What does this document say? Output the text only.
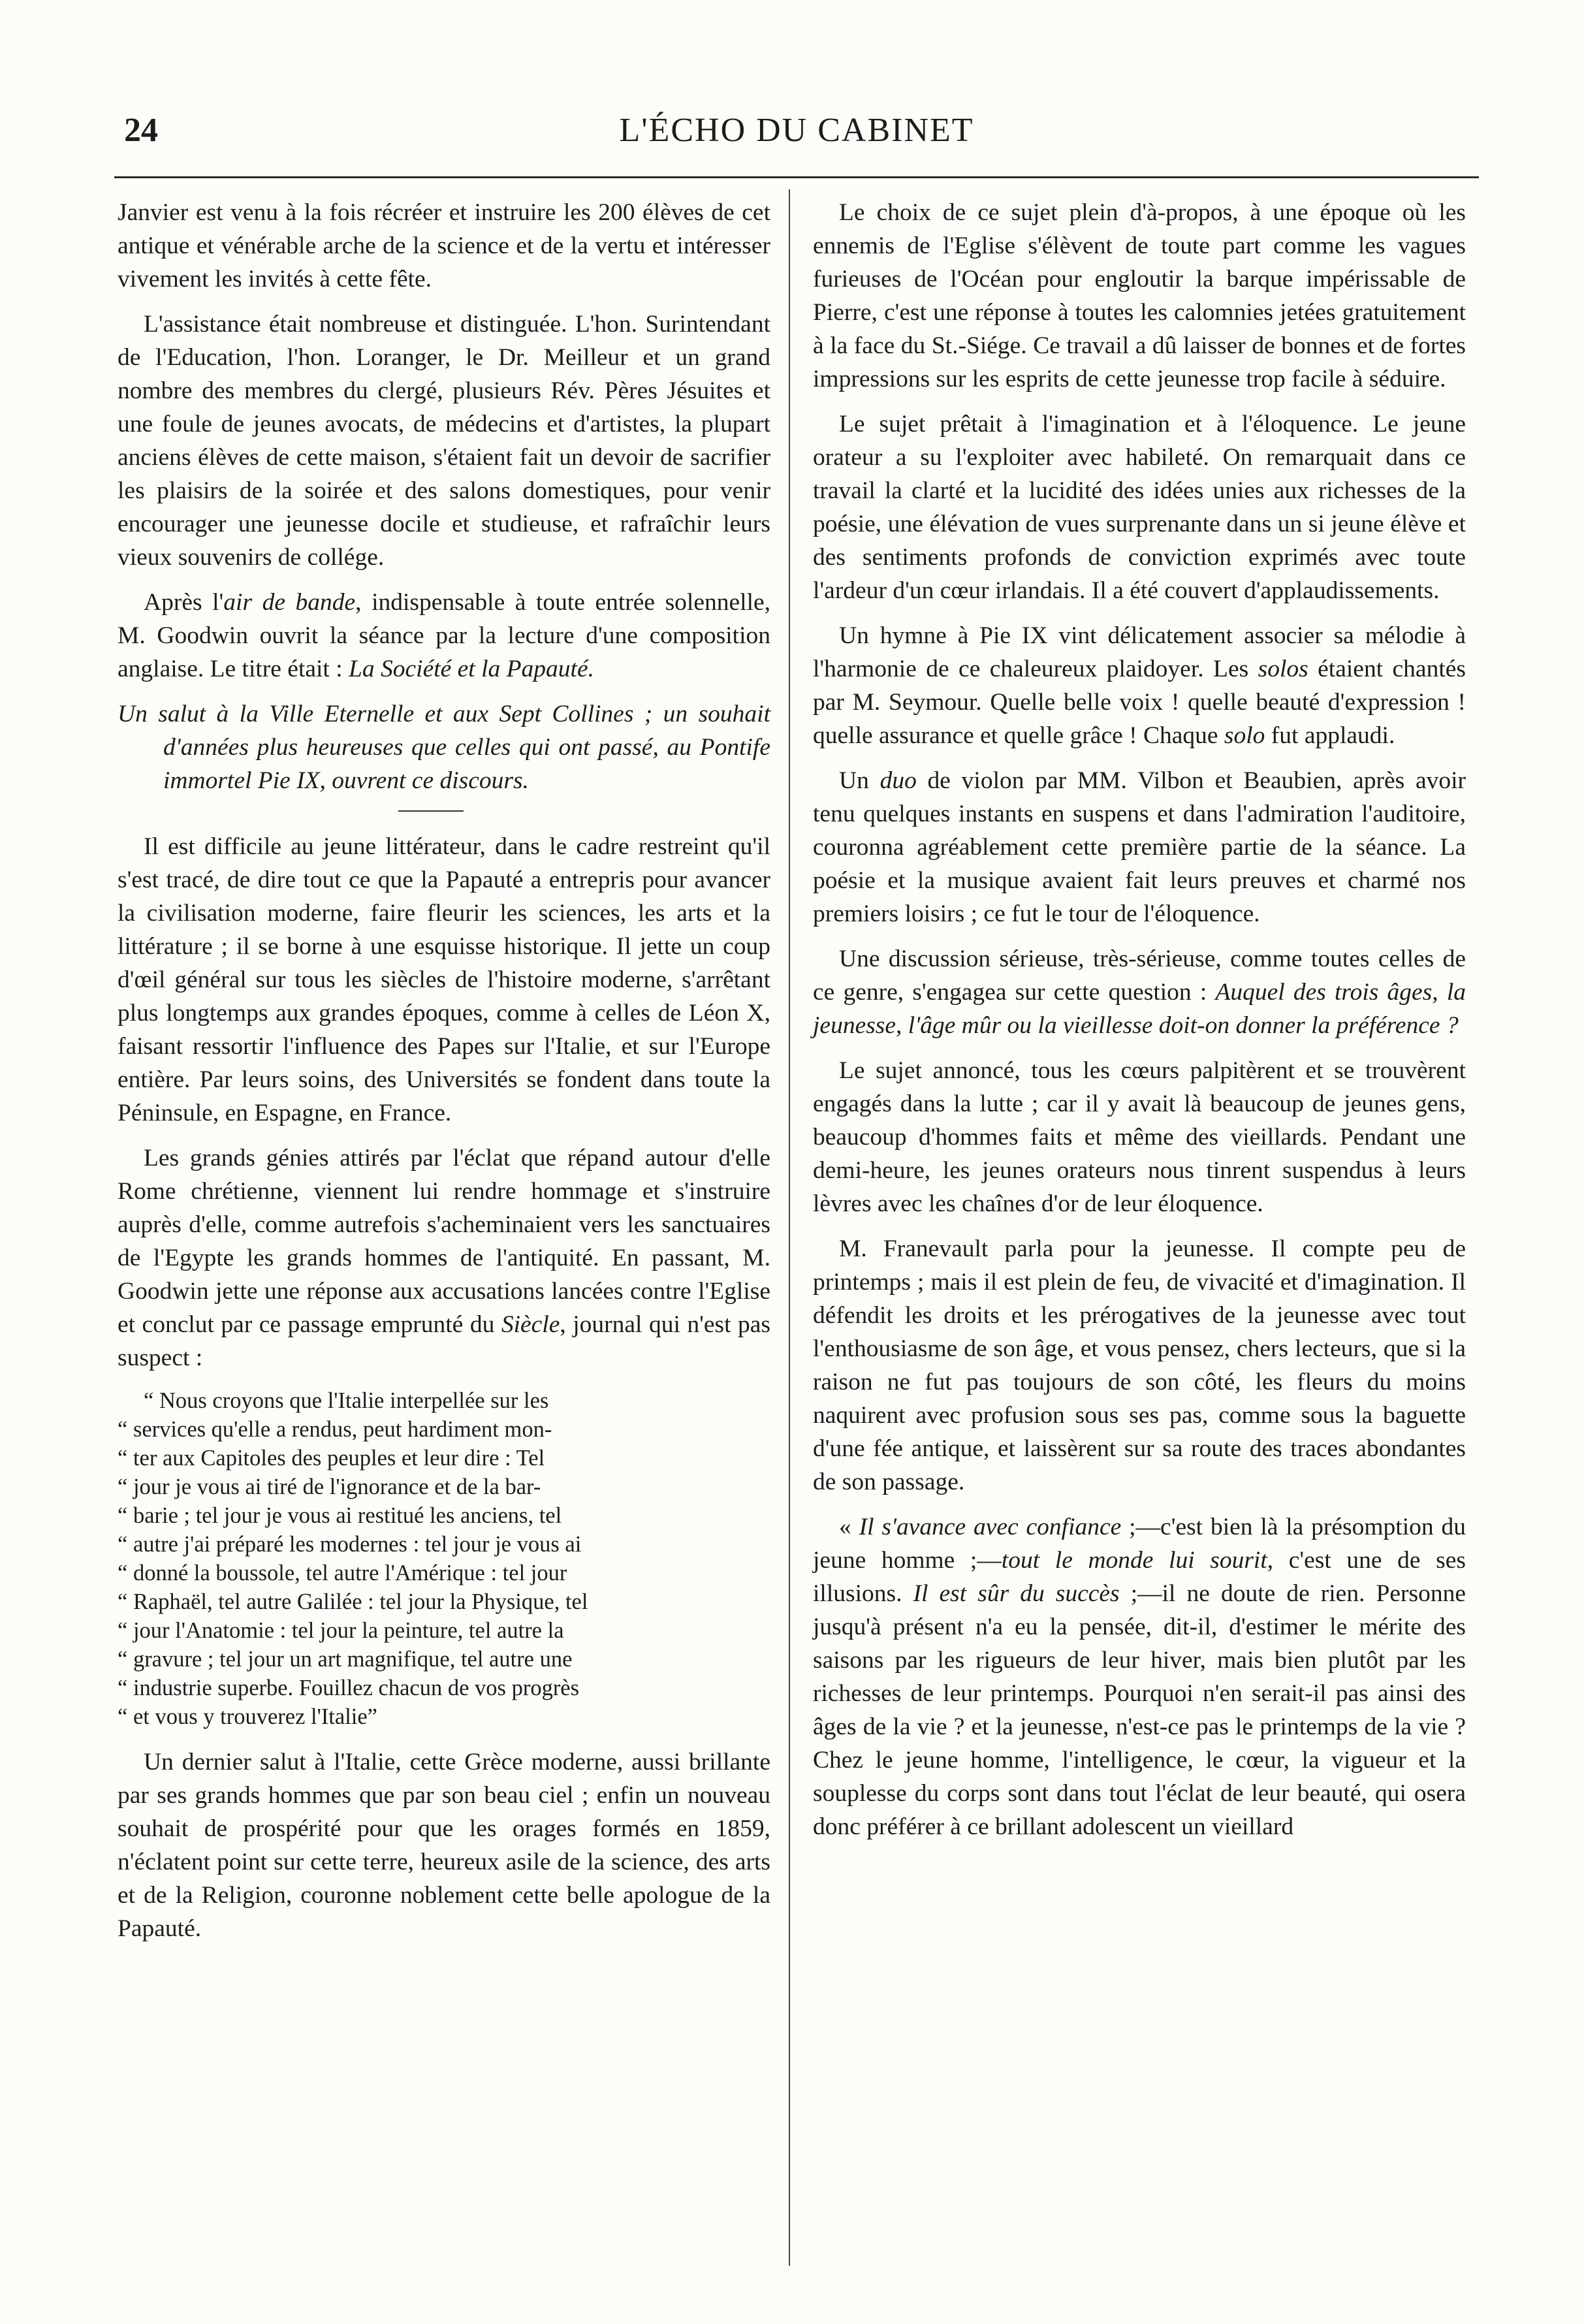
24	L'ÉCHO DU CABINET

Janvier est venu à la fois récréer et instruire les 200 élèves de cet antique et vénérable arche de la science et de la vertu et intéresser vivement les invités à cette fête.

L'assistance était nombreuse et distinguée. L'hon. Surintendant de l'Education, l'hon. Loranger, le Dr. Meilleur et un grand nombre des membres du clergé, plusieurs Rév. Pères Jésuites et une foule de jeunes avocats, de médecins et d'artistes, la plupart anciens élèves de cette maison, s'étaient fait un devoir de sacrifier les plaisirs de la soirée et des salons domestiques, pour venir encourager une jeunesse docile et studieuse, et rafraîchir leurs vieux souvenirs de collége.

Après l'air de bande, indispensable à toute entrée solennelle, M. Goodwin ouvrit la séance par la lecture d'une composition anglaise. Le titre était : La Société et la Papauté.

Un salut à la Ville Eternelle et aux Sept Collines ; un souhait d'années plus heureuses que celles qui ont passé, au Pontife immortel Pie IX, ouvrent ce discours.

Il est difficile au jeune littérateur, dans le cadre restreint qu'il s'est tracé, de dire tout ce que la Papauté a entrepris pour avancer la civilisation moderne, faire fleurir les sciences, les arts et la littérature ; il se borne à une esquisse historique. Il jette un coup d'œil général sur tous les siècles de l'histoire moderne, s'arrêtant plus longtemps aux grandes époques, comme à celles de Léon X, faisant ressortir l'influence des Papes sur l'Italie, et sur l'Europe entière. Par leurs soins, des Universités se fondent dans toute la Péninsule, en Espagne, en France.

Les grands génies attirés par l'éclat que répand autour d'elle Rome chrétienne, viennent lui rendre hommage et s'instruire auprès d'elle, comme autrefois s'acheminaient vers les sanctuaires de l'Egypte les grands hommes de l'antiquité. En passant, M. Goodwin jette une réponse aux accusations lancées contre l'Eglise et conclut par ce passage emprunté du Siècle, journal qui n'est pas suspect :

“ Nous croyons que l'Italie interpellée sur les
“ services qu'elle a rendus, peut hardiment mon-
“ ter aux Capitoles des peuples et leur dire : Tel
“ jour je vous ai tiré de l'ignorance et de la bar-
“ barie ; tel jour je vous ai restitué les anciens, tel
“ autre j'ai préparé les modernes : tel jour je vous ai
“ donné la boussole, tel autre l'Amérique : tel jour
“ Raphaël, tel autre Galilée : tel jour la Physique, tel
“ jour l'Anatomie : tel jour la peinture, tel autre la
“ gravure ; tel jour un art magnifique, tel autre une
“ industrie superbe. Fouillez chacun de vos progrès
“ et vous y trouverez l'Italie”

Un dernier salut à l'Italie, cette Grèce moderne, aussi brillante par ses grands hommes que par son beau ciel ; enfin un nouveau souhait de prospérité pour que les orages formés en 1859, n'éclatent point sur cette terre, heureux asile de la science, des arts et de la Religion, couronne noblement cette belle apologue de la Papauté.

Le choix de ce sujet plein d'à-propos, à une époque où les ennemis de l'Eglise s'élèvent de toute part comme les vagues furieuses de l'Océan pour engloutir la barque impérissable de Pierre, c'est une réponse à toutes les calomnies jetées gratuitement à la face du St.-Siége. Ce travail a dû laisser de bonnes et de fortes impressions sur les esprits de cette jeunesse trop facile à séduire.

Le sujet prêtait à l'imagination et à l'éloquence. Le jeune orateur a su l'exploiter avec habileté. On remarquait dans ce travail la clarté et la lucidité des idées unies aux richesses de la poésie, une élévation de vues surprenante dans un si jeune élève et des sentiments profonds de conviction exprimés avec toute l'ardeur d'un cœur irlandais. Il a été couvert d'applaudissements.

Un hymne à Pie IX vint délicatement associer sa mélodie à l'harmonie de ce chaleureux plaidoyer. Les solos étaient chantés par M. Seymour. Quelle belle voix ! quelle beauté d'expression ! quelle assurance et quelle grâce ! Chaque solo fut applaudi.

Un duo de violon par MM. Vilbon et Beaubien, après avoir tenu quelques instants en suspens et dans l'admiration l'auditoire, couronna agréablement cette première partie de la séance. La poésie et la musique avaient fait leurs preuves et charmé nos premiers loisirs ; ce fut le tour de l'éloquence.

Une discussion sérieuse, très-sérieuse, comme toutes celles de ce genre, s'engagea sur cette question : Auquel des trois âges, la jeunesse, l'âge mûr ou la vieillesse doit-on donner la préférence ?

Le sujet annoncé, tous les cœurs palpitèrent et se trouvèrent engagés dans la lutte ; car il y avait là beaucoup de jeunes gens, beaucoup d'hommes faits et même des vieillards. Pendant une demi-heure, les jeunes orateurs nous tinrent suspendus à leurs lèvres avec les chaînes d'or de leur éloquence.

M. Franevault parla pour la jeunesse. Il compte peu de printemps ; mais il est plein de feu, de vivacité et d'imagination. Il défendit les droits et les prérogatives de la jeunesse avec tout l'enthousiasme de son âge, et vous pensez, chers lecteurs, que si la raison ne fut pas toujours de son côté, les fleurs du moins naquirent avec profusion sous ses pas, comme sous la baguette d'une fée antique, et laissèrent sur sa route des traces abondantes de son passage.

« Il s'avance avec confiance ;—c'est bien là la présomption du jeune homme ;—tout le monde lui sourit, c'est une de ses illusions. Il est sûr du succès ;—il ne doute de rien. Personne jusqu'à présent n'a eu la pensée, dit-il, d'estimer le mérite des saisons par les rigueurs de leur hiver, mais bien plutôt par les richesses de leur printemps. Pourquoi n'en serait-il pas ainsi des âges de la vie ? et la jeunesse, n'est-ce pas le printemps de la vie ? Chez le jeune homme, l'intelligence, le cœur, la vigueur et la souplesse du corps sont dans tout l'éclat de leur beauté, qui osera donc préférer à ce brillant adolescent un vieillard
